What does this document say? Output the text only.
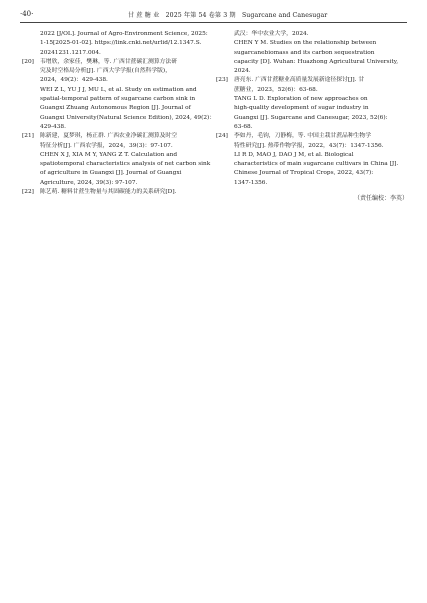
·40·	甘 蔗 糖 业　2025 年第 54 卷第 3 期　Sugarcane and Canesugar
2022 [J/OL]. Journal of Agro-Environment Science, 2025:
1-15[2025-01-02]. https://link.cnki.net/urlid/12.1347.S.
20241231.1217.004.
[20] 韦增欣，余家佳，樊琳，等. 广西甘蔗碳汇测算方法研
究及时空格局分析[J]. 广西大学学报(自然科学版)，
2024，49(2)：429-438.
WEI Z L, YU J J, MU L, et al. Study on estimation and
spatial-temporal pattern of sugarcane carbon sink in
Guangxi Zhuang Autonomous Region [J]. Journal of
Guangxi University(Natural Science Edition), 2024, 49(2)：
429-438.
[21] 陈新建，夏梦琪，杨正群. 广西农业净碳汇测算及时空
特征分析[J]. 广西农学报，2024，39(3)：97-107.
CHEN X J, XIA M Y, YANG Z T. Calculation and
spatiotemporal characteristics analysis of net carbon sink
of agriculture in Guangxi [J]. Journal of Guangxi
Agriculture, 2024, 39(3): 97-107.
[22] 陈艺萌. 糖料甘蔗生物量与其固碳能力的关系研究[D].
武汉：华中农业大学，2024.
CHEN Y M. Studies on the relationship between
sugarcanebiomass and its carbon sequestration
capacity [D]. Wuhan: Huazhong Agricultural University,
2024.
[23] 唐亮东. 广西甘蔗糖业高质量发展新途径探讨[J]. 甘
蔗糖业，2023，52(6)：63-68.
TANG L D. Exploration of new approaches on
high-quality development of sugar industry in
Guangxi [J]. Sugarcane and Canesugar, 2023, 52(6):
63-68.
[24] 李如丹，毛钧，刀静梅，等. 中国主栽甘蔗品种生物学
特性研究[J]. 热带作物学报，2022，43(7)：1347-1356.
LI R D, MAO J, DAO J M, et al. Biological
characteristics of main sugarcane cultivars in China [J].
Chinese Journal of Tropical Crops, 2022, 43(7):
1347-1356.
（责任编校：李英）
